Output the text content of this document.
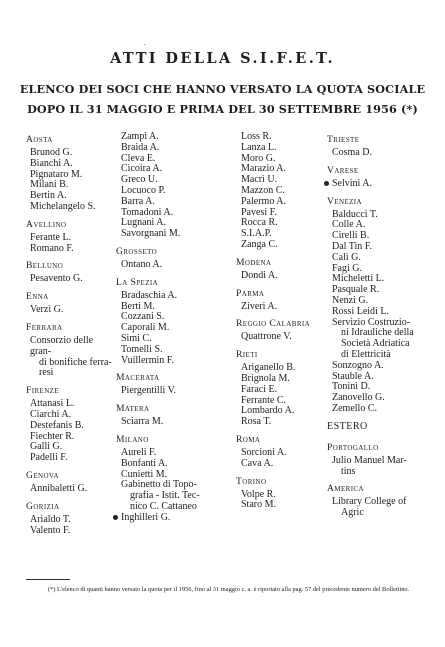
ATTI DELLA S.I.F.E.T.
ELENCO DEI SOCI CHE HANNO VERSATO LA QUOTA SOCIALE
DOPO IL 31 MAGGIO E PRIMA DEL 30 SETTEMBRE 1956 (*)
Aosta
Brunod G.
Bianchi A.
Pignataro M.
Milani B.
Bertin A.
Michelangelo S.
Avellino
Ferante L.
Romano F.
Belluno
Pesavento G.
Enna
Verzì G.
Ferrara
Consorzio delle gran-
di bonifiche ferra-
resi
Firenze
Attanasi L.
Ciarchi A.
Destefanis B.
Fiechter R.
Galli G.
Padelli F.
Genova
Annibaletti G.
Gorizia
Arialdo T.
Valento F.
Zampi A.
Braida A.
Cleva E.
Cicoira A.
Greco U.
Locuoco P.
Barra A.
Tomadoni A.
Lugnani A.
Savorgnani M.
Grosseto
Ontano A.
La Spezia
Bradaschia A.
Berti M.
Cozzani S.
Caporali M.
Simi C.
Tomelli S.
Vuillermin F.
Macerata
Piergentilli V.
Matera
Sciarra M.
Milano
Aureli F.
Bonfanti A.
Cunietti M.
Gabinetto di Topo-
grafia - Istit. Tec-
nico C. Cattaneo
Inghilleri G.
Loss R.
Lanza L.
Moro G.
Marazio A.
Macrì U.
Mazzon C.
Palermo A.
Pavesi F.
Rocca R.
S.I.A.P.
Zanga C.
Modena
Dondi A.
Parma
Ziveri A.
Reggio Calabria
Quattrone V.
Rieti
Ariganello B.
Brignola M.
Faraci E.
Ferrante C.
Lombardo A.
Rosa T.
Roma
Sorcioni A.
Cava A.
Torino
Volpe R.
Staro M.
Trieste
Cosma D.
Varese
Selvini A.
Venezia
Balducci T.
Colle A.
Cirelli B.
Dal Tin F.
Calì G.
Fagi G.
Micheletti L.
Pasquale R.
Nenzi G.
Rossi Leidi L.
Servizio Costruzio-
ni Idrauliche della
Società Adriatica
di Elettricità
Sonzogno A.
Stauble A.
Tonini D.
Zanovello G.
Zemello C.
ESTERO
Portogallo
Julio Manuel Mar-
tins
America
Library College of
Agric
(*) L'elenco di quanti hanno versato la quota per il 1956, fino al 31 maggio c. a. è riportato alla pag. 57 del precedente numero del Bollettino.
